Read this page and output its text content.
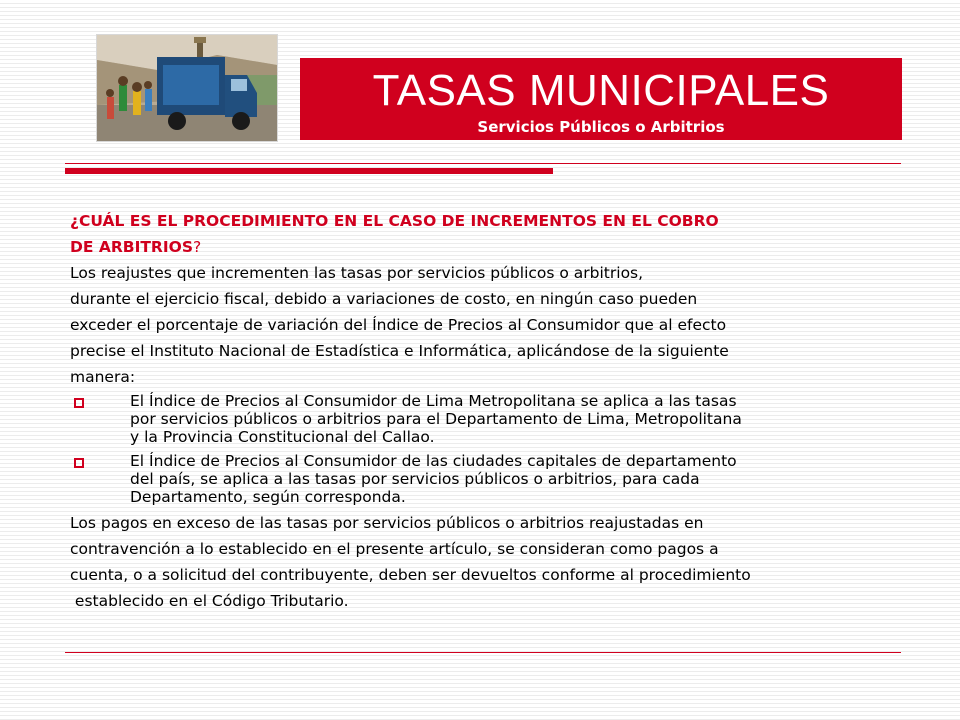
TASAS MUNICIPALES
Servicios Públicos o Arbitrios
¿CUÁL ES EL PROCEDIMIENTO EN EL CASO DE INCREMENTOS EN EL COBRO
DE ARBITRIOS?
Los reajustes que incrementen las tasas por servicios públicos o arbitrios,
durante el ejercicio fiscal, debido a variaciones de costo, en ningún caso pueden
exceder el porcentaje de variación del Índice de Precios al Consumidor que al efecto
precise el Instituto Nacional de Estadística e Informática, aplicándose de la siguiente
manera:
El Índice de Precios al Consumidor de Lima Metropolitana se aplica a las tasas
por servicios públicos o arbitrios para el Departamento de Lima, Metropolitana
y la Provincia Constitucional del Callao.
El Índice de Precios al Consumidor de las ciudades capitales de departamento
del país, se aplica a las tasas por servicios públicos o arbitrios, para cada
Departamento, según corresponda.
Los pagos en exceso de las tasas por servicios públicos o arbitrios reajustadas en
contravención a lo establecido en el presente artículo, se consideran como pagos a
cuenta, o a solicitud del contribuyente, deben ser devueltos conforme al procedimiento
establecido en el Código Tributario.
